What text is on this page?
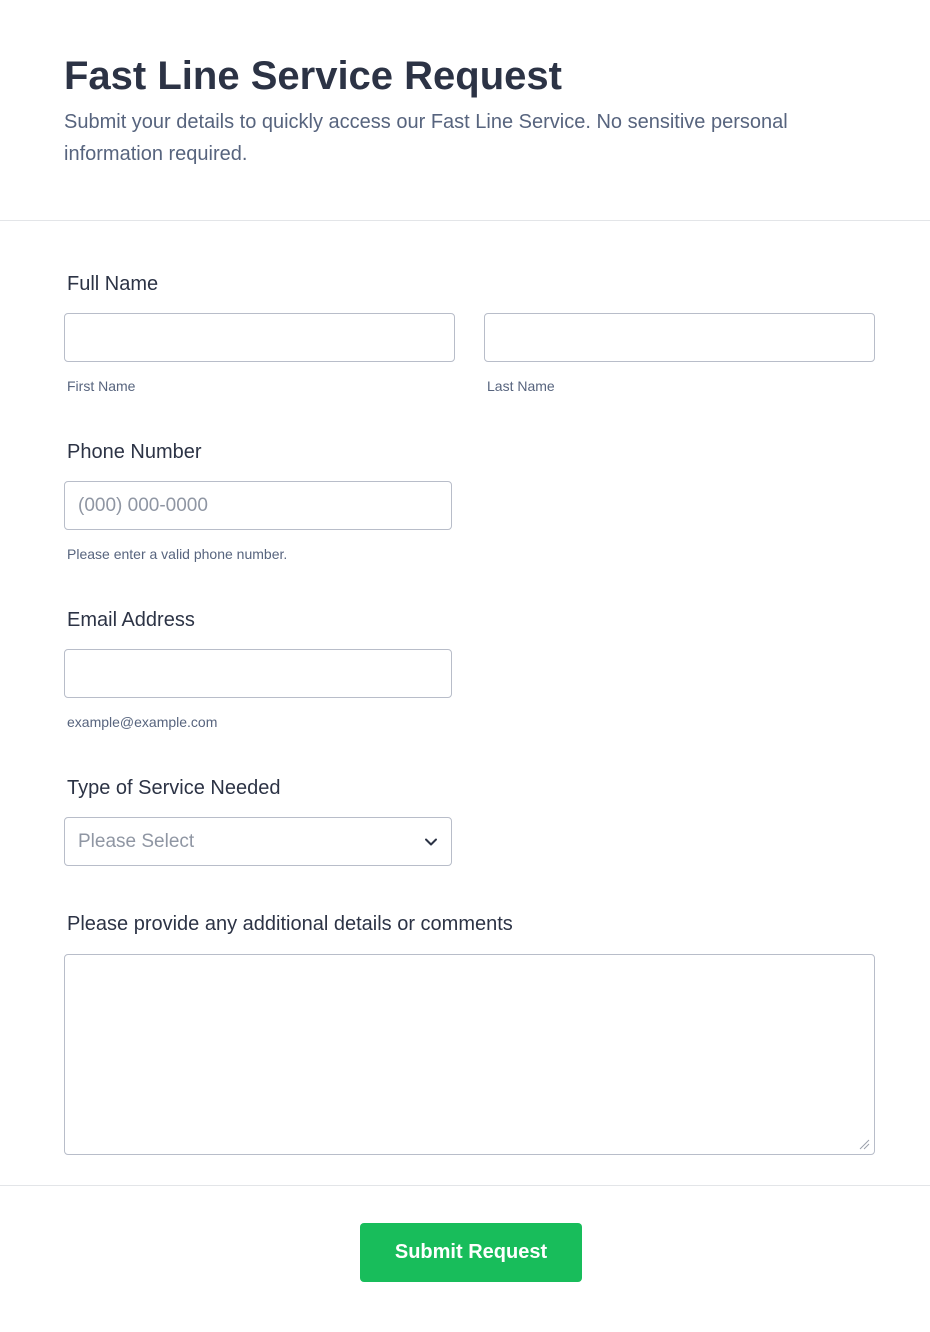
Fast Line Service Request

Submit your details to quickly access our Fast Line Service. No sensitive personal information required.

Full Name
First Name	Last Name
Phone Number
(000) 000-0000
Please enter a valid phone number.
Email Address
example@example.com
Type of Service Needed
Please Select
Please provide any additional details or comments
Submit Request
